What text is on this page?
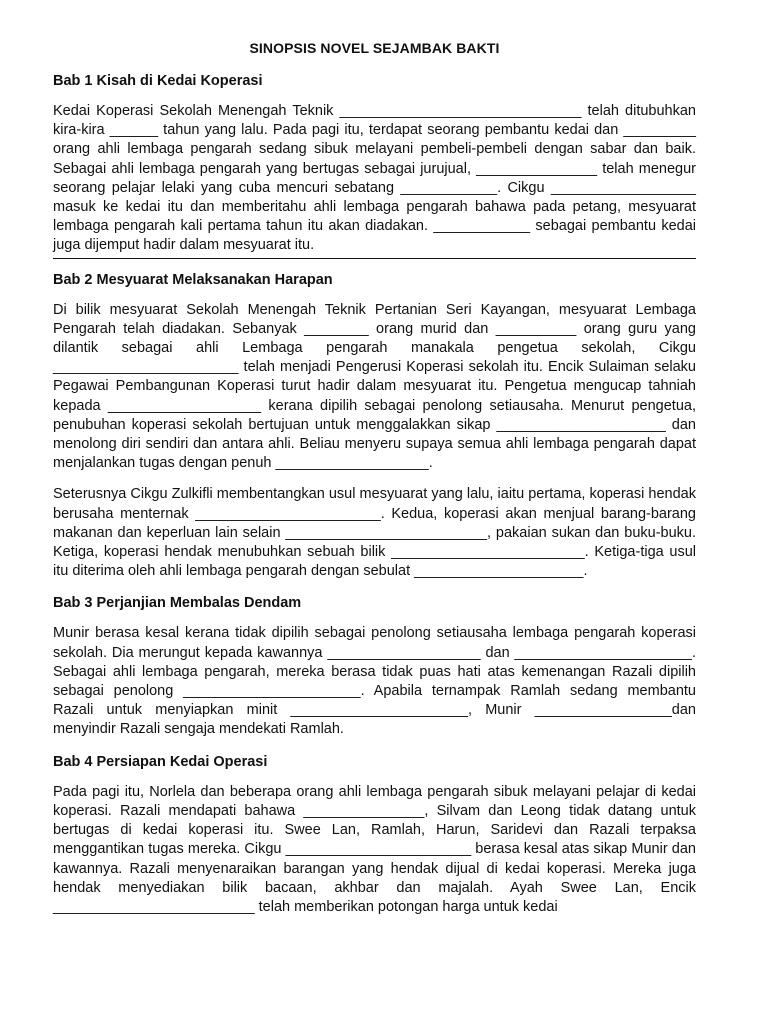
SINOPSIS NOVEL SEJAMBAK BAKTI
Bab 1 Kisah di Kedai Koperasi

Kedai Koperasi Sekolah Menengah Teknik ______________________________ telah ditubuhkan kira-kira ______ tahun yang lalu. Pada pagi itu, terdapat seorang pembantu kedai dan _________ orang ahli lembaga pengarah sedang sibuk melayani pembeli-pembeli dengan sabar dan baik. Sebagai ahli lembaga pengarah yang bertugas sebagai jurujual, _______________ telah menegur seorang pelajar lelaki yang cuba mencuri sebatang ____________. Cikgu __________________ masuk ke kedai itu dan memberitahu ahli lembaga pengarah bahawa pada petang, mesyuarat lembaga pengarah kali pertama tahun itu akan diadakan. ____________ sebagai pembantu kedai juga dijemput hadir dalam mesyuarat itu.

Bab 2 Mesyuarat Melaksanakan Harapan

Di bilik mesyuarat Sekolah Menengah Teknik Pertanian Seri Kayangan, mesyuarat Lembaga Pengarah telah diadakan. Sebanyak ________ orang murid dan __________ orang guru yang dilantik sebagai ahli Lembaga pengarah manakala pengetua sekolah, Cikgu _______________________ telah menjadi Pengerusi Koperasi sekolah itu. Encik Sulaiman selaku Pegawai Pembangunan Koperasi turut hadir dalam mesyuarat itu. Pengetua mengucap tahniah kepada ___________________ kerana dipilih sebagai penolong setiausaha. Menurut pengetua, penubuhan koperasi sekolah bertujuan untuk menggalakkan sikap _____________________ dan menolong diri sendiri dan antara ahli. Beliau menyeru supaya semua ahli lembaga pengarah dapat menjalankan tugas dengan penuh ___________________.

Seterusnya Cikgu Zulkifli membentangkan usul mesyuarat yang lalu, iaitu pertama, koperasi hendak berusaha menternak _______________________. Kedua, koperasi akan menjual barang-barang makanan dan keperluan lain selain _________________________, pakaian sukan dan buku-buku. Ketiga, koperasi hendak menubuhkan sebuah bilik ________________________. Ketiga-tiga usul itu diterima oleh ahli lembaga pengarah dengan sebulat _____________________.

Bab 3 Perjanjian Membalas Dendam

Munir berasa kesal kerana tidak dipilih sebagai penolong setiausaha lembaga pengarah koperasi sekolah. Dia merungut kepada kawannya ___________________ dan ______________________. Sebagai ahli lembaga pengarah, mereka berasa tidak puas hati atas kemenangan Razali dipilih sebagai penolong ______________________. Apabila ternampak Ramlah sedang membantu Razali untuk menyiapkan minit ______________________, Munir _________________dan menyindir Razali sengaja mendekati Ramlah.

Bab 4 Persiapan Kedai Operasi

Pada pagi itu, Norlela dan beberapa orang ahli lembaga pengarah sibuk melayani pelajar di kedai koperasi. Razali mendapati bahawa _______________, Silvam dan Leong tidak datang untuk bertugas di kedai koperasi itu. Swee Lan, Ramlah, Harun, Saridevi dan Razali terpaksa menggantikan tugas mereka. Cikgu _______________________ berasa kesal atas sikap Munir dan kawannya. Razali menyenaraikan barangan yang hendak dijual di kedai koperasi. Mereka juga hendak menyediakan bilik bacaan, akhbar dan majalah. Ayah Swee Lan, Encik _________________________ telah memberikan potongan harga untuk kedai
